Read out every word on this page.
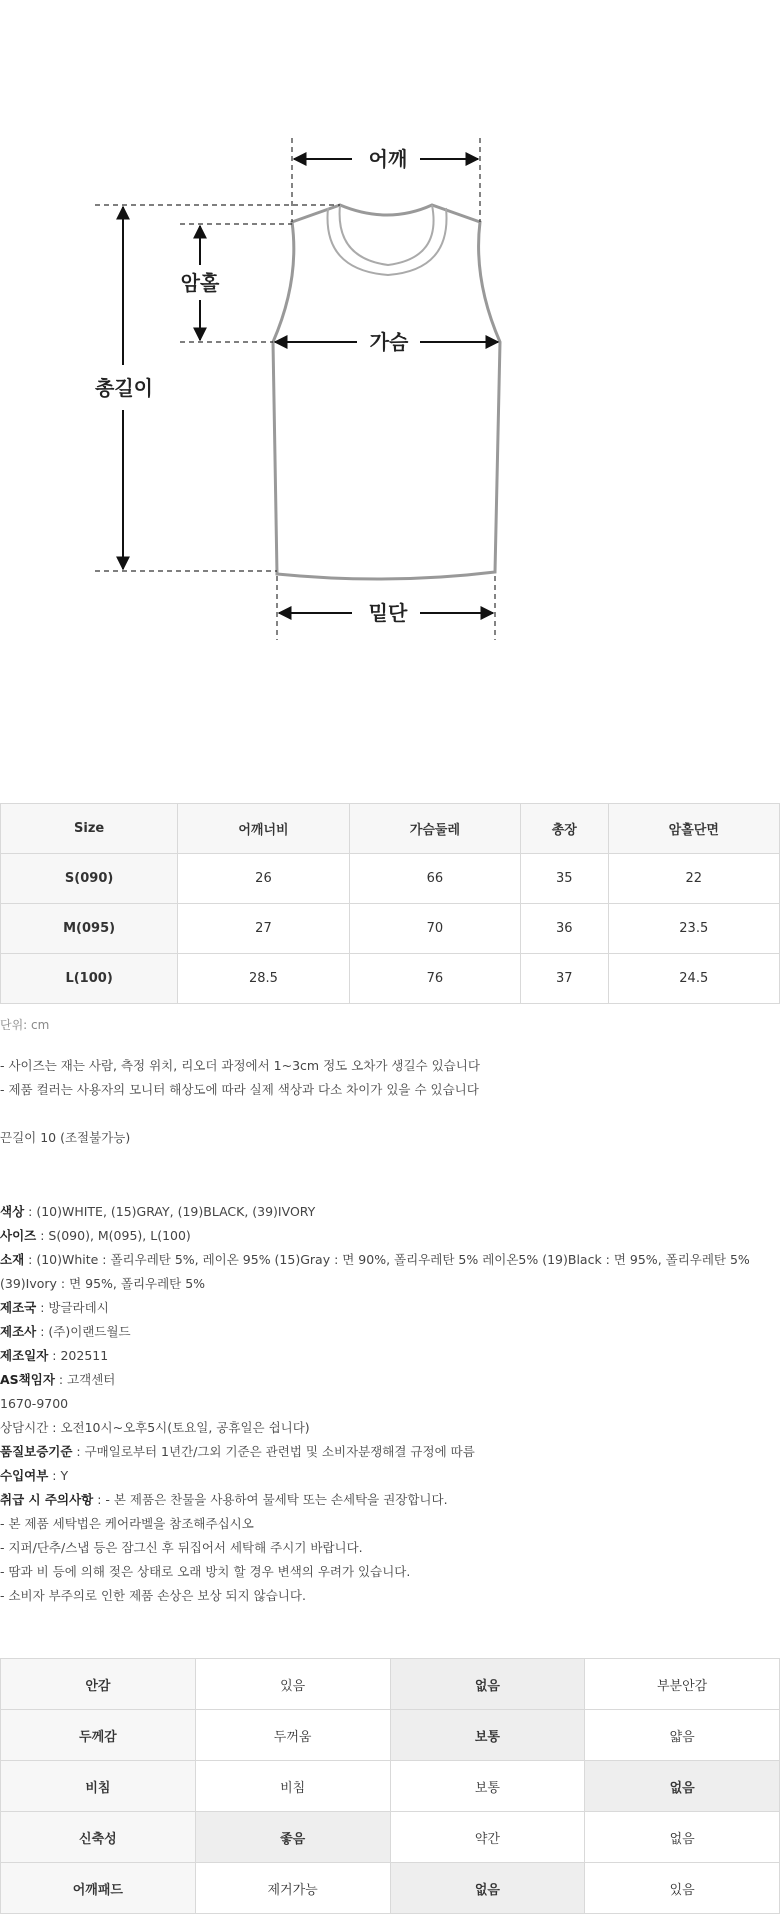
어깨
암홀
가슴
총길이
밑단
Size	어깨너비	가슴둘레	총장	암홀단면
S(090)	26	66	35	22
M(095)	27	70	36	23.5
L(100)	28.5	76	37	24.5
단위: cm
- 사이즈는 재는 사람, 측정 위치, 리오더 과정에서 1~3cm 정도 오차가 생길수 있습니다
- 제품 컬러는 사용자의 모니터 해상도에 따라 실제 색상과 다소 차이가 있을 수 있습니다
끈길이 10 (조절불가능)
색상 : (10)WHITE, (15)GRAY, (19)BLACK, (39)IVORY
사이즈 : S(090), M(095), L(100)
소재 : (10)White : 폴리우레탄 5%, 레이온 95% (15)Gray : 면 90%, 폴리우레탄 5% 레이온5% (19)Black : 면 95%, 폴리우레탄 5% (39)Ivory : 면 95%, 폴리우레탄 5%
제조국 : 방글라데시
제조사 : (주)이랜드월드
제조일자 : 202511
AS책임자 : 고객센터
1670-9700
상담시간 : 오전10시~오후5시(토요일, 공휴일은 쉽니다)
품질보증기준 : 구매일로부터 1년간/그외 기준은 관련법 및 소비자분쟁해결 규정에 따름
수입여부 : Y
취급 시 주의사항 : - 본 제품은 찬물을 사용하여 물세탁 또는 손세탁을 권장합니다.
- 본 제품 세탁법은 케어라벨을 참조해주십시오
- 지퍼/단추/스냅 등은 잠그신 후 뒤집어서 세탁해 주시기 바랍니다.
- 땀과 비 등에 의해 젖은 상태로 오래 방치 할 경우 변색의 우려가 있습니다.
- 소비자 부주의로 인한 제품 손상은 보상 되지 않습니다.
안감	있음	없음	부분안감
두께감	두꺼움	보통	얇음
비침	비침	보통	없음
신축성	좋음	약간	없음
어깨패드	제거가능	없음	있음
